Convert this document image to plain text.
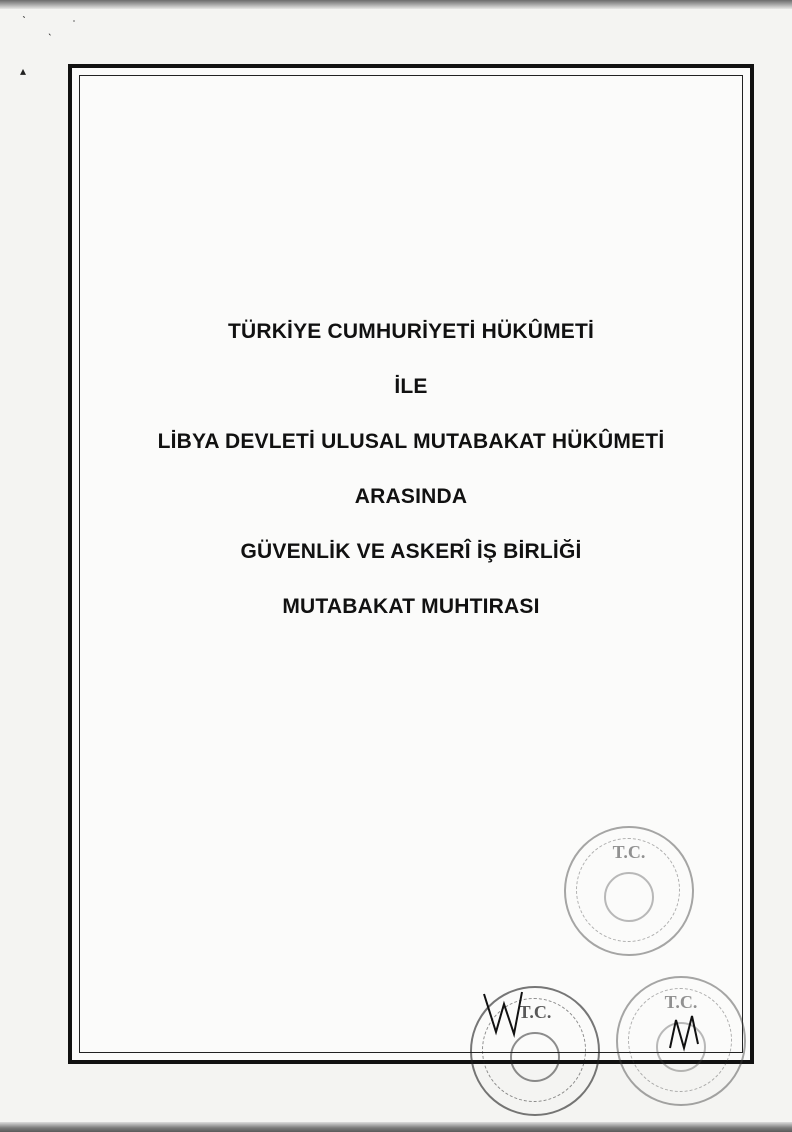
ˋ
ˎ
▴
ˈ
TÜRKİYE CUMHURİYETİ HÜKÛMETİ
İLE
LİBYA DEVLETİ ULUSAL MUTABAKAT HÜKÛMETİ
ARASINDA
GÜVENLİK VE ASKERÎ İŞ BİRLİĞİ
MUTABAKAT MUHTIRASI
T.C.
T.C.	T.C.
